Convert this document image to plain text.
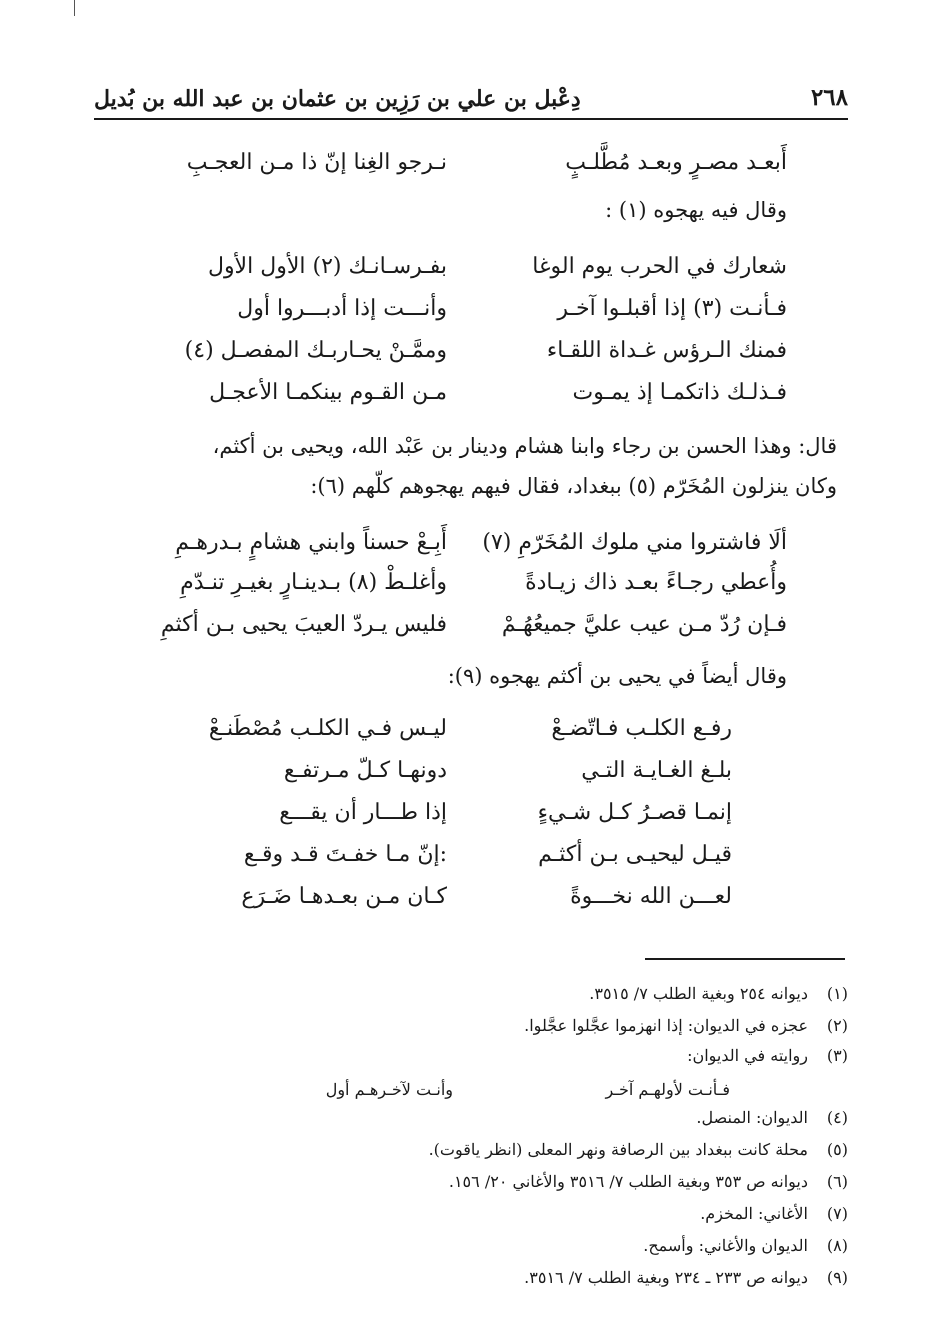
٢٦٨
دِعْبل بن علي بن رَزِين بن عثمان بن عبد الله بن بُديل
أَبعـد مصـرٍ وبعـد مُطَّلـبٍ
نـرجو الغِنا إنّ ذا مـن العجـبِ
وقال فيه يهجوه (١) :
شعارك في الحرب يوم الوغا
بفـرسـانـك (٢) الأول الأول
فـأنـت (٣) إذا أقبلـوا آخـر
وأنـــت إذا أدبـــروا أول
فمنك الـرؤس غـداة اللقـاء
وممَّـنْ يحـاربـك المفصـل (٤)
فـذلـك ذاتكمـا إذ يمـوت
مـن القـوم بينكمـا الأعجـل
قال: وهذا الحسن بن رجاء وابنا هشام ودينار بن عَبْد الله، ويحيى بن أكثم،
وكان ينزلون المُخَرّم (٥) ببغداد، فقال فيهم يهجوهم كلّهم (٦):
ألَا فاشتروا مني ملوك المُخَرّمِ (٧)
أَبِـعْ حسناً وابني هشامٍ بـدرهـمِ
وأُعطي رجـاءً بعـد ذاك زيـادةً
وأغلـطْ (٨) بـدينـارٍ بغيـرِ تنـدّمِ
فـإن رُدّ مـن عيب عليَّ جميعُهُـمْ
فليس يـردّ العيبَ يحيى بـن أكثمِ
وقال أيضاً في يحيى بن أكثم يهجوه (٩):
رفـع الكلـب فـاتّضـعْ
ليـس فـي الكلـب مُصْطَنـعْ
بلـغ الغـايـة التـي
دونهـا كـلّ مـرتفـع
إنمـا قصـرُ كـل شـيءٍ
إذا طـــار أن يقـــع
قيـل ليحيـى بـن أكثـم
:إنّ مـا خفـتَ قـد وقـع
لعـــن الله نخـــوةً
كـان مـن بعـدهـا ضَـرَع
(١)ديوانه ٢٥٤ وبغية الطلب ٧/ ٣٥١٥.
(٢)عجزه في الديوان: إذا انهزموا عجَّلوا عجَّلوا.
(٣)روايته في الديوان:
فـأنـت لأولهـم آخـر
وأنـت لآخـرهـم أول
(٤)الديوان: المنصل.
(٥)محلة كانت ببغداد بين الرصافة ونهر المعلى (انظر ياقوت).
(٦)ديوانه ص ٣٥٣ وبغية الطلب ٧/ ٣٥١٦ والأغاني ٢٠/ ١٥٦.
(٧)الأغاني: المخزم.
(٨)الديوان والأغاني: وأسمح.
(٩)ديوانه ص ٢٣٣ ـ ٢٣٤ وبغية الطلب ٧/ ٣٥١٦.
